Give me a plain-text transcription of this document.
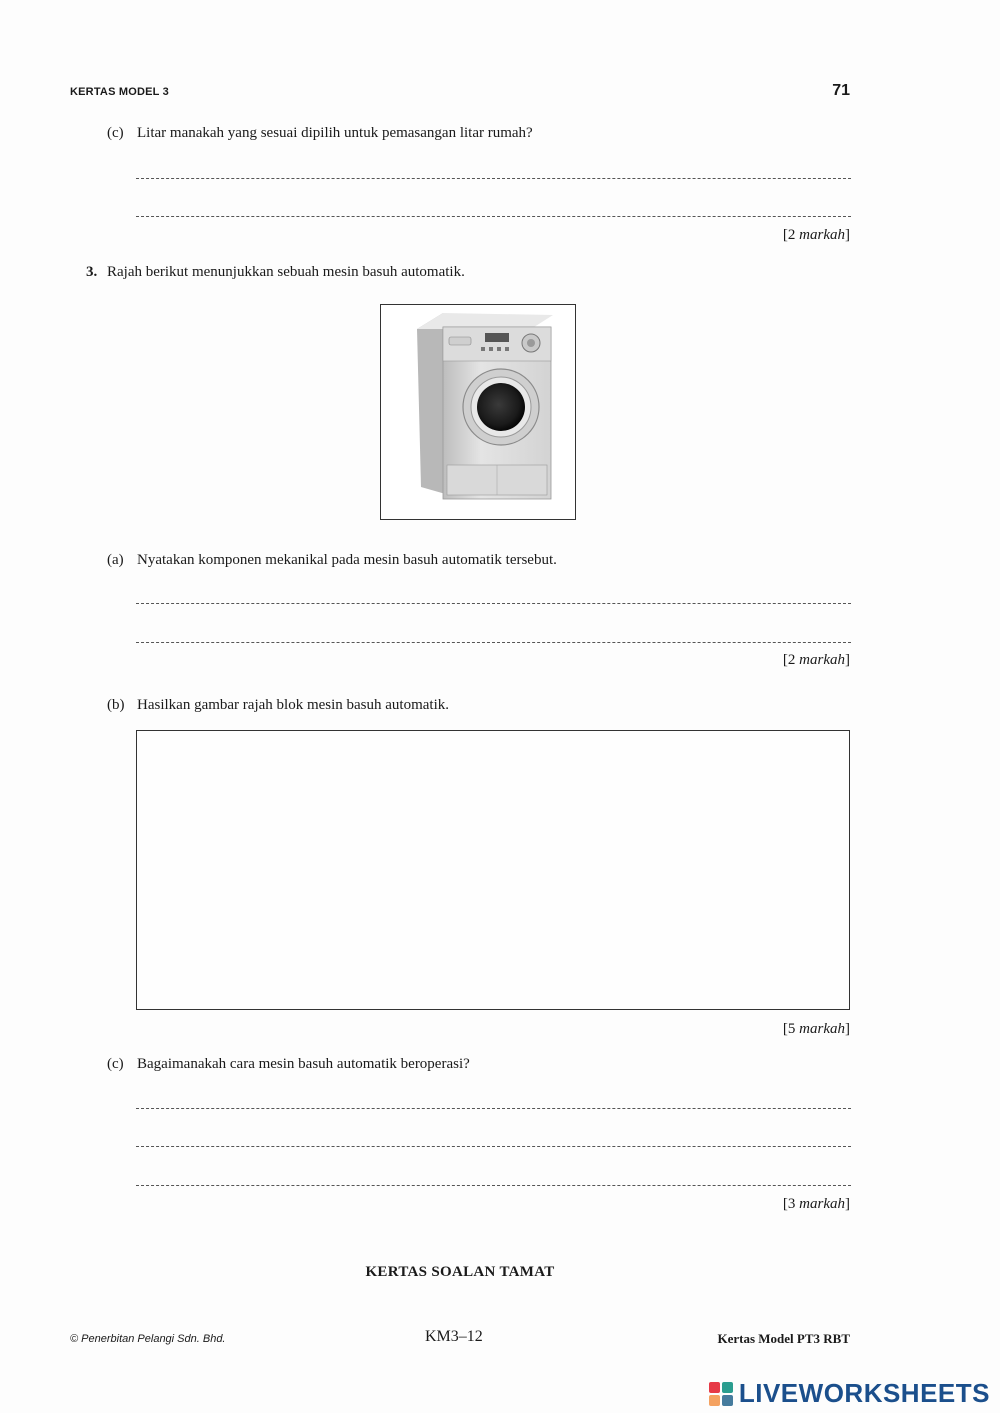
KERTAS MODEL 3	71
(c) Litar manakah yang sesuai dipilih untuk pemasangan litar rumah?
[2 markah]
3. Rajah berikut menunjukkan sebuah mesin basuh automatik.
(a) Nyatakan komponen mekanikal pada mesin basuh automatik tersebut.
[2 markah]
(b) Hasilkan gambar rajah blok mesin basuh automatik.
[5 markah]
(c) Bagaimanakah cara mesin basuh automatik beroperasi?
[3 markah]
KERTAS SOALAN TAMAT
© Penerbitan Pelangi Sdn. Bhd.	KM3–12	Kertas Model PT3 RBT
LIVEWORKSHEETS
